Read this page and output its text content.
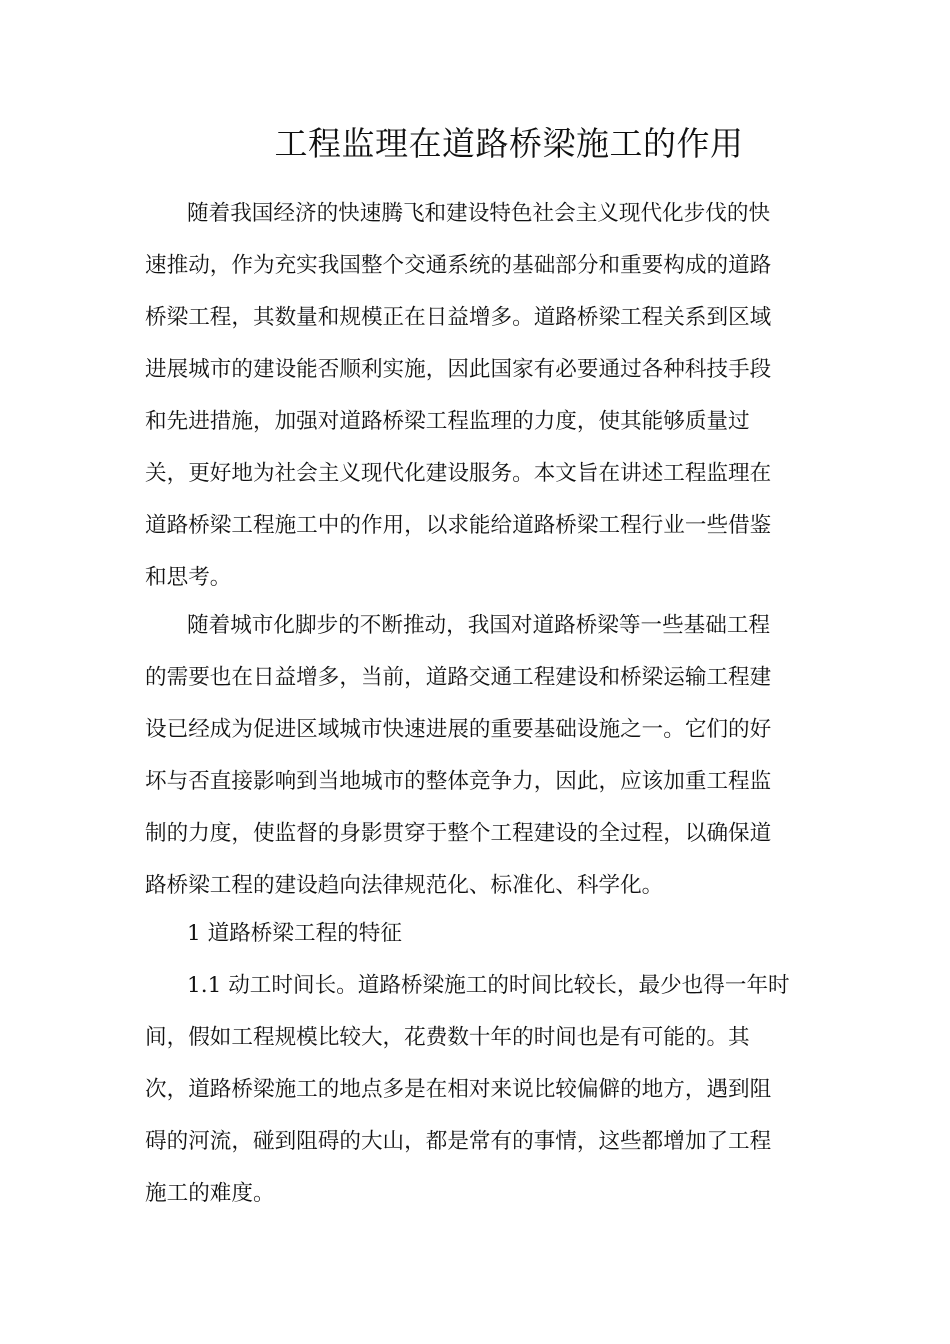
工程监理在道路桥梁施工的作用
随着我国经济的快速腾飞和建设特色社会主义现代化步伐的快
速推动，作为充实我国整个交通系统的基础部分和重要构成的道路
桥梁工程，其数量和规模正在日益增多。道路桥梁工程关系到区域
进展城市的建设能否顺利实施，因此国家有必要通过各种科技手段
和先进措施，加强对道路桥梁工程监理的力度，使其能够质量过
关，更好地为社会主义现代化建设服务。本文旨在讲述工程监理在
道路桥梁工程施工中的作用，以求能给道路桥梁工程行业一些借鉴
和思考。
随着城市化脚步的不断推动，我国对道路桥梁等一些基础工程
的需要也在日益增多，当前，道路交通工程建设和桥梁运输工程建
设已经成为促进区域城市快速进展的重要基础设施之一。它们的好
坏与否直接影响到当地城市的整体竞争力，因此，应该加重工程监
制的力度，使监督的身影贯穿于整个工程建设的全过程，以确保道
路桥梁工程的建设趋向法律规范化、标准化、科学化。
1 道路桥梁工程的特征
1.1 动工时间长。道路桥梁施工的时间比较长，最少也得一年时
间，假如工程规模比较大，花费数十年的时间也是有可能的。其
次，道路桥梁施工的地点多是在相对来说比较偏僻的地方，遇到阻
碍的河流，碰到阻碍的大山，都是常有的事情，这些都增加了工程
施工的难度。
